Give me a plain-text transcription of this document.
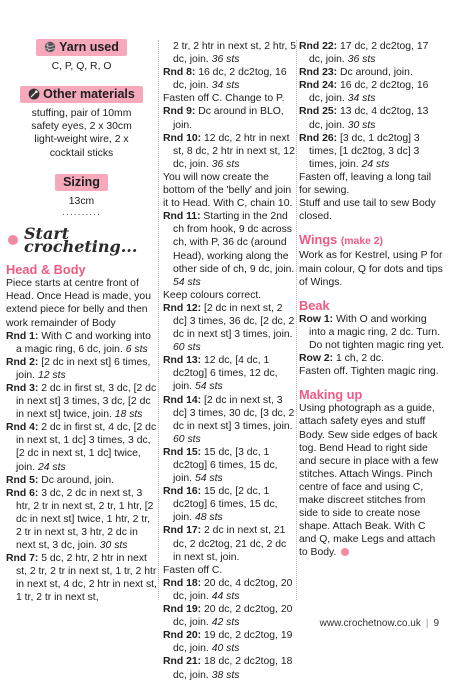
Yarn used
C, P, Q, R, O
Other materials
stuffing, pair of 10mm
safety eyes, 2 x 30cm
light-weight wire, 2 x
cocktail sticks
Sizing
13cm
..........
Start crocheting...
Head & Body

Piece starts at centre front of Head. Once Head is made, you extend piece for belly and then work remainder of Body

Rnd 1: With C and working into a magic ring, 6 dc, join. 6 sts

Rnd 2: [2 dc in next st] 6 times, join. 12 sts

Rnd 3: 2 dc in first st, 3 dc, [2 dc in next st] 3 times, 3 dc, [2 dc in next st] twice, join. 18 sts

Rnd 4: 2 dc in first st, 4 dc, [2 dc in next st, 1 dc] 3 times, 3 dc, [2 dc in next st, 1 dc] twice, join. 24 sts

Rnd 5: Dc around, join.

Rnd 6: 3 dc, 2 dc in next st, 3 htr, 2 tr in next st, 2 tr, 1 htr, [2 dc in next st] twice, 1 htr, 2 tr, 2 tr in next st, 3 htr, 2 dc in next st, 3 dc, join. 30 sts

Rnd 7: 5 dc, 2 htr, 2 htr in next st, 2 tr, 2 tr in next st, 1 tr, 2 htr in next st, 4 dc, 2 htr in next st, 1 tr, 2 tr in next st,

2 tr, 2 htr in next st, 2 htr, 5 dc, join. 36 sts

Rnd 8: 16 dc, 2 dc2tog, 16 dc, join. 34 sts

Fasten off C. Change to P.

Rnd 9: Dc around in BLO, join.

Rnd 10: 12 dc, 2 htr in next st, 8 dc, 2 htr in next st, 12 dc, join. 36 sts

You will now create the bottom of the 'belly' and join it to Head. With C, chain 10.

Rnd 11: Starting in the 2nd ch from hook, 9 dc across ch, with P, 36 dc (around Head), working along the other side of ch, 9 dc, join. 54 sts

Keep colours correct.

Rnd 12: [2 dc in next st, 2 dc] 3 times, 36 dc, [2 dc, 2 dc in next st] 3 times, join. 60 sts

Rnd 13: 12 dc, [4 dc, 1 dc2tog] 6 times, 12 dc, join. 54 sts

Rnd 14: [2 dc in next st, 3 dc] 3 times, 30 dc, [3 dc, 2 dc in next st] 3 times, join. 60 sts

Rnd 15: 15 dc, [3 dc, 1 dc2tog] 6 times, 15 dc, join. 54 sts

Rnd 16: 15 dc, [2 dc, 1 dc2tog] 6 times, 15 dc, join. 48 sts

Rnd 17: 2 dc in next st, 21 dc, 2 dc2tog, 21 dc, 2 dc in next st, join.

Fasten off C.

Rnd 18: 20 dc, 4 dc2tog, 20 dc, join. 44 sts

Rnd 19: 20 dc, 2 dc2tog, 20 dc, join. 42 sts

Rnd 20: 19 dc, 2 dc2tog, 19 dc, join. 40 sts

Rnd 21: 18 dc, 2 dc2tog, 18 dc, join. 38 sts

Rnd 22: 17 dc, 2 dc2tog, 17 dc, join. 36 sts

Rnd 23: Dc around, join.

Rnd 24: 16 dc, 2 dc2tog, 16 dc, join. 34 sts

Rnd 25: 13 dc, 4 dc2tog, 13 dc, join. 30 sts

Rnd 26: [3 dc, 1 dc2tog] 3 times, [1 dc2tog, 3 dc] 3 times, join. 24 sts

Fasten off, leaving a long tail for sewing.

Stuff and use tail to sew Body closed.

Wings (make 2)

Work as for Kestrel, using P for main colour, Q for dots and tips of Wings.

Beak

Row 1: With O and working into a magic ring, 2 dc. Turn. Do not tighten magic ring yet.

Row 2: 1 ch, 2 dc.

Fasten off. Tighten magic ring.

Making up

Using photograph as a guide, attach safety eyes and stuff Body. Sew side edges of back tog. Bend Head to right side and secure in place with a few stitches. Attach Wings. Pinch centre of face and using C, make discreet stitches from side to side to create nose shape. Attach Beak. With C and Q, make Legs and attach to Body.

www.crochetnow.co.uk | 9
